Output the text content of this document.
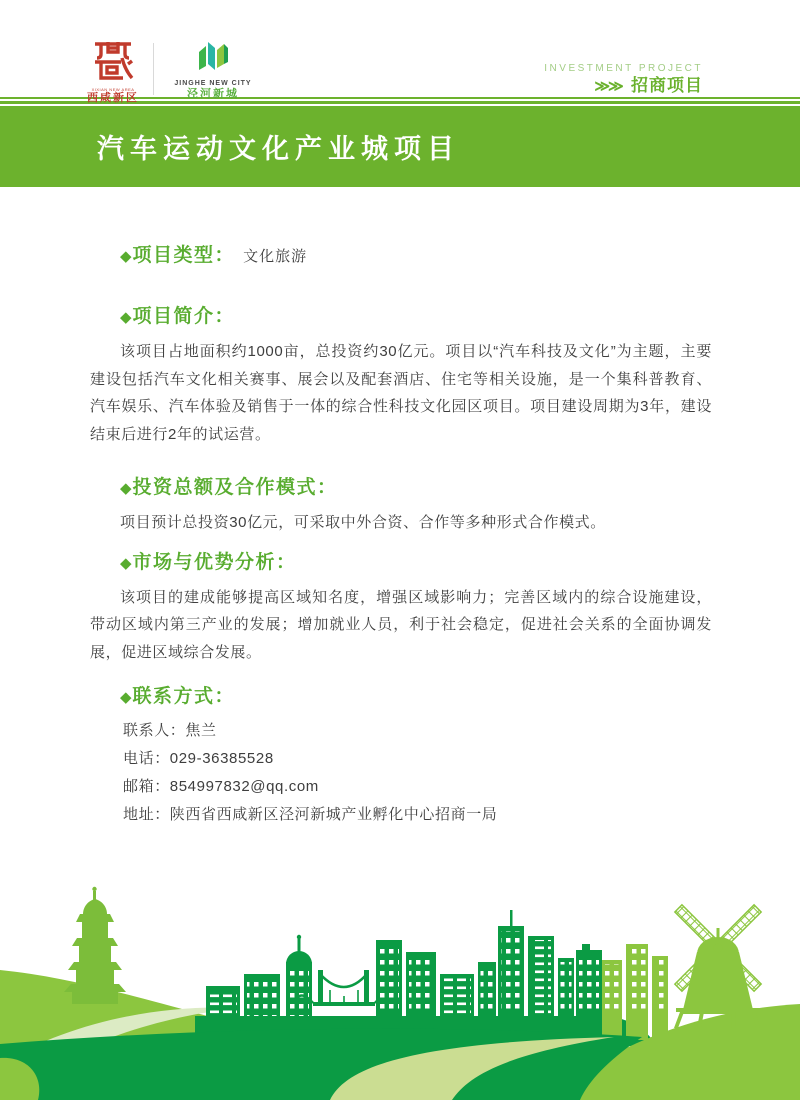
XIXIAN NEW AREA
西咸新区
JINGHE NEW CITY
泾河新城
INVESTMENT PROJECT
≫≫ 招商项目
汽车运动文化产业城项目
◆ 项目类型： 文化旅游
◆ 项目简介：

该项目占地面积约1000亩，总投资约30亿元。项目以“汽车科技及文化”为主题，主要建设包括汽车文化相关赛事、展会以及配套酒店、住宅等相关设施，是一个集科普教育、汽车娱乐、汽车体验及销售于一体的综合性科技文化园区项目。项目建设周期为3年，建设结束后进行2年的试运营。

◆ 投资总额及合作模式：

项目预计总投资30亿元，可采取中外合资、合作等多种形式合作模式。

◆ 市场与优势分析：

该项目的建成能够提高区域知名度，增强区域影响力；完善区域内的综合设施建设，带动区域内第三产业的发展；增加就业人员，利于社会稳定，促进社会关系的全面协调发展，促进区域综合发展。

◆ 联系方式：
联系人：焦兰
电话：029-36385528
邮箱：854997832@qq.com
地址：陕西省西咸新区泾河新城产业孵化中心招商一局
